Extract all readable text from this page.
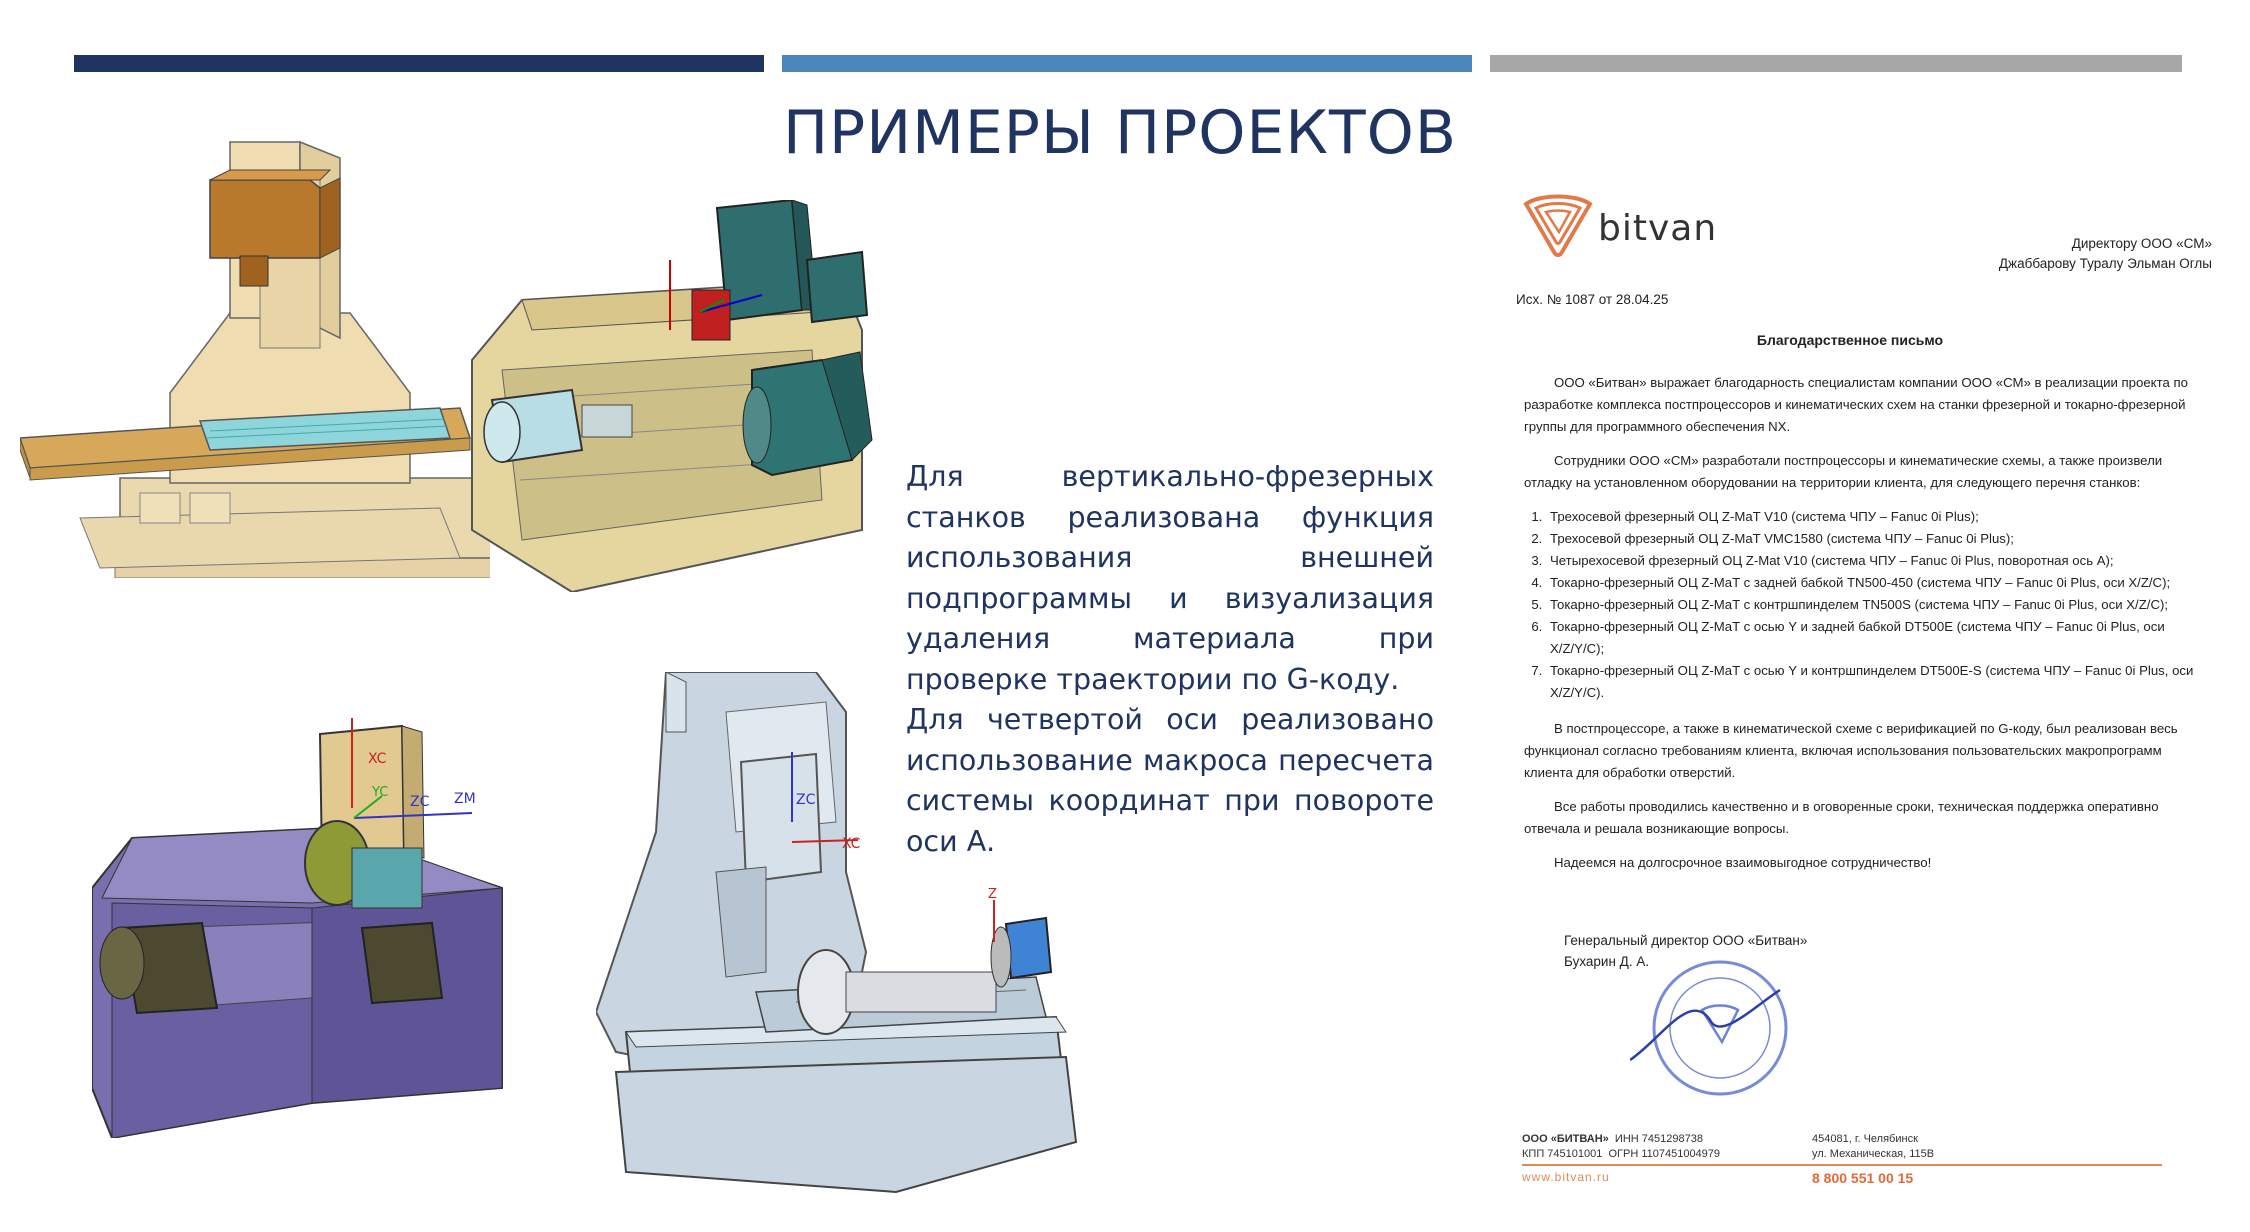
ПРИМЕРЫ ПРОЕКТОВ
XC
ZC ZM
YC	ZC
XC
Z

Для вертикально-фрезерных станков реализована функция использования внешней подпрограммы и визуализация удаления материала при проверке траектории по G-коду.

Для четвертой оси реализовано использование макроса пересчета системы координат при повороте оси А.

bitvan	Директору ООО «СМ»
Джаббарову Туралу Эльман Оглы
Исх. № 1087 от 28.04.25
Благодарственное письмо

ООО «Битван» выражает благодарность специалистам компании ООО «СМ» в реализации проекта по разработке комплекса постпроцессоров и кинематических схем на станки фрезерной и токарно-фрезерной группы для программного обеспечения NX.

Сотрудники ООО «СМ» разработали постпроцессоры и кинематические схемы, а также произвели отладку на установленном оборудовании на территории клиента, для следующего перечня станков:

1. Трехосевой фрезерный ОЦ Z-MaT V10 (система ЧПУ – Fanuc 0i Plus);
2. Трехосевой фрезерный ОЦ Z-MaT VMC1580 (система ЧПУ – Fanuc 0i Plus);
3. Четырехосевой фрезерный ОЦ Z-Mat V10 (система ЧПУ – Fanuc 0i Plus, поворотная ось А);
4. Токарно-фрезерный ОЦ Z-MaT с задней бабкой TN500-450 (система ЧПУ – Fanuc 0i Plus, оси X/Z/C);
5. Токарно-фрезерный ОЦ Z-MaT с контршпинделем TN500S (система ЧПУ – Fanuc 0i Plus, оси X/Z/C);
6. Токарно-фрезерный ОЦ Z-MaT с осью Y и задней бабкой DT500E (система ЧПУ – Fanuc 0i Plus, оси X/Z/Y/C);
7. Токарно-фрезерный ОЦ Z-MaT с осью Y и контршпинделем DT500E-S (система ЧПУ – Fanuc 0i Plus, оси X/Z/Y/C).

В постпроцессоре, а также в кинематической схеме с верификацией по G-коду, был реализован весь функционал согласно требованиям клиента, включая использования пользовательских макропрограмм клиента для обработки отверстий.

Все работы проводились качественно и в оговоренные сроки, техническая поддержка оперативно отвечала и решала возникающие вопросы.

Надеемся на долгосрочное взаимовыгодное сотрудничество!

Генеральный директор ООО «Битван»
Бухарин Д. А.
ООО «БИТВАН» ИНН 7451298738
КПП 745101001 ОГРН 1107451004979
454081, г. Челябинск
ул. Механическая, 115В
www.bitvan.ru	8 800 551 00 15
